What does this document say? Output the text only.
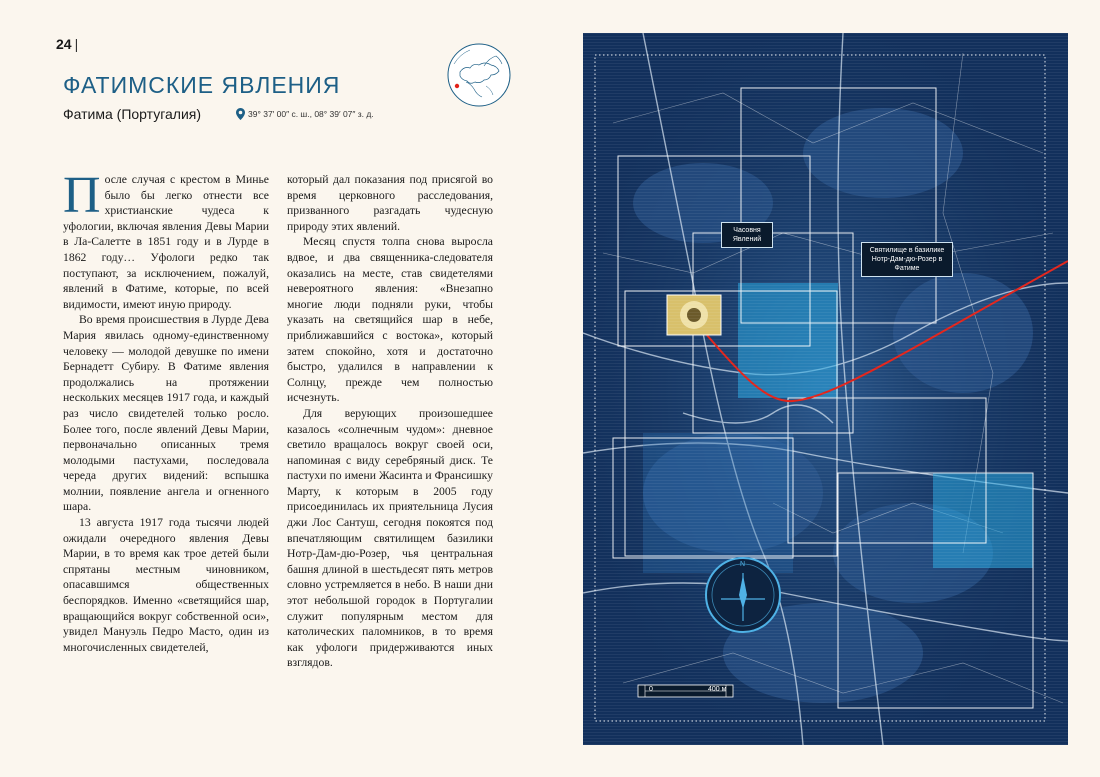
24 |
ФАТИМСКИЕ ЯВЛЕНИЯ
Фатима (Португалия)	39° 37′ 00″ с. ш., 08° 39′ 07″ з. д.

После случая с крестом в Минье было бы легко отнести все христианские чудеса к уфологии, включая явления Девы Марии в Ла-Салетте в 1851 году и в Лурде в 1862 году… Уфологи редко так поступают, за исключением, пожалуй, явлений в Фатиме, которые, по всей видимости, имеют иную природу.

Во время происшествия в Лурде Дева Мария явилась одному-единственному человеку — молодой девушке по имени Бернадетт Субиру. В Фатиме явления продолжались на протяжении нескольких месяцев 1917 года, и каждый раз число свидетелей только росло. Более того, после явлений Девы Марии, первоначально описанных тремя молодыми пастухами, последовала череда других видений: вспышка молнии, появление ангела и огненного шара.

13 августа 1917 года тысячи людей ожидали очередного явления Девы Марии, в то время как трое детей были спрятаны местным чиновником, опасавшимся общественных беспорядков. Именно «светящийся шар, вращающийся вокруг собственной оси», увидел Мануэль Педро Масто, один из многочисленных свидетелей,

который дал показания под присягой во время церковного расследования, призванного разгадать чудесную природу этих явлений.

Месяц спустя толпа снова выросла вдвое, и два священника-следователя оказались на месте, став свидетелями невероятного явления: «Внезапно многие люди подняли руки, чтобы указать на светящийся шар в небе, приближавшийся с востока», который затем спокойно, хотя и достаточно быстро, удалился в направлении к Солнцу, прежде чем полностью исчезнуть.

Для верующих произошедшее казалось «солнечным чудом»: дневное светило вращалось вокруг своей оси, напоминая с виду серебряный диск. Те пастухи по имени Жасинта и Франсишку Марту, к которым в 2005 году присоединилась их приятельница Лусия джи Лос Сантуш, сегодня покоятся под впечатляющим святилищем базилики Нотр-Дам-дю-Розер, чья центральная башня длиной в шестьдесят пять метров словно устремляется в небо. В наши дни этот небольшой городок в Португалии служит популярным местом для католических паломников, в то время как уфологи придерживаются иных взглядов.

Часовня Явлений
Святилище в базилике Нотр-Дам-дю-Розер в Фатиме
0	400 м
N
